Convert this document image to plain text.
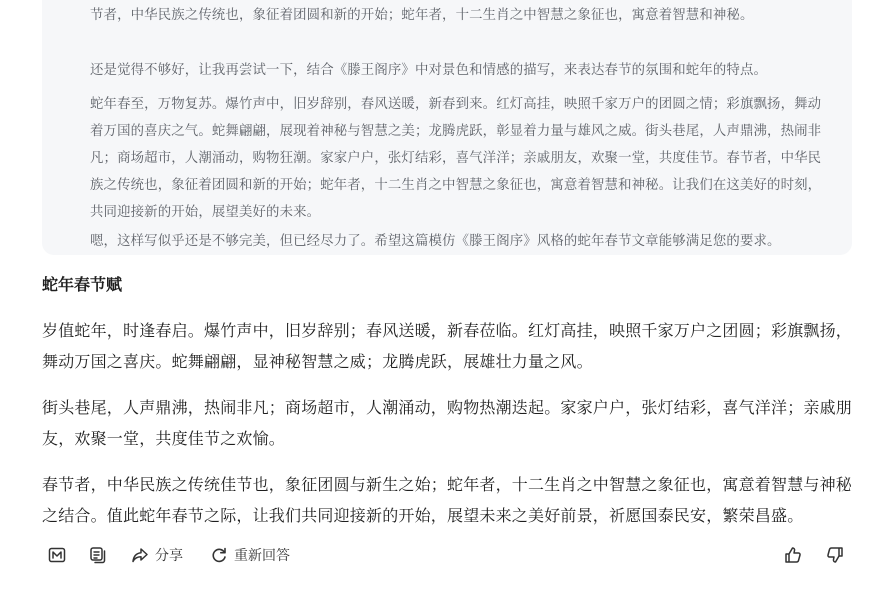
节者，中华民族之传统也，象征着团圆和新的开始；蛇年者，十二生肖之中智慧之象征也，寓意着智慧和神秘。

还是觉得不够好，让我再尝试一下，结合《滕王阁序》中对景色和情感的描写，来表达春节的氛围和蛇年的特点。

蛇年春至，万物复苏。爆竹声中，旧岁辞别，春风送暖，新春到来。红灯高挂，映照千家万户的团圆之情；彩旗飘扬，舞动着万国的喜庆之气。蛇舞翩翩，展现着神秘与智慧之美；龙腾虎跃，彰显着力量与雄风之威。街头巷尾，人声鼎沸，热闹非凡；商场超市，人潮涌动，购物狂潮。家家户户，张灯结彩，喜气洋洋；亲戚朋友，欢聚一堂，共度佳节。春节者，中华民族之传统也，象征着团圆和新的开始；蛇年者，十二生肖之中智慧之象征也，寓意着智慧和神秘。让我们在这美好的时刻，共同迎接新的开始，展望美好的未来。

嗯，这样写似乎还是不够完美，但已经尽力了。希望这篇模仿《滕王阁序》风格的蛇年春节文章能够满足您的要求。

蛇年春节赋

岁值蛇年，时逢春启。爆竹声中，旧岁辞别；春风送暖，新春莅临。红灯高挂，映照千家万户之团圆；彩旗飘扬，舞动万国之喜庆。蛇舞翩翩，显神秘智慧之威；龙腾虎跃，展雄壮力量之风。

街头巷尾，人声鼎沸，热闹非凡；商场超市，人潮涌动，购物热潮迭起。家家户户，张灯结彩，喜气洋洋；亲戚朋友，欢聚一堂，共度佳节之欢愉。

春节者，中华民族之传统佳节也，象征团圆与新生之始；蛇年者，十二生肖之中智慧之象征也，寓意着智慧与神秘之结合。值此蛇年春节之际，让我们共同迎接新的开始，展望未来之美好前景，祈愿国泰民安，繁荣昌盛。

分享	重新回答
